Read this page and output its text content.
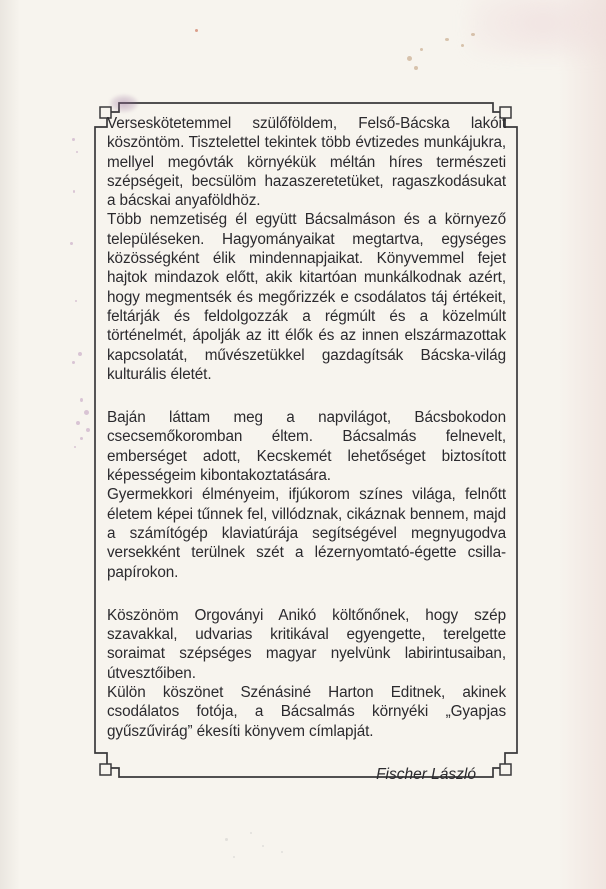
Verseskötetemmel szülőföldem, Felső-Bácska lakóit köszöntöm. Tisztelettel tekintek több évtizedes munkájukra, mellyel megóvták környékük méltán híres természeti szépségeit, becsülöm hazaszeretetüket, ragaszkodásukat a bácskai anyaföldhöz.

Több nemzetiség él együtt Bácsalmáson és a környező településeken. Hagyományaikat megtartva, egységes közösségként élik mindennapjaikat. Könyvemmel fejet hajtok mindazok előtt, akik kitartóan munkálkodnak azért, hogy megmentsék és megőrizzék e csodálatos táj értékeit, feltárják és feldolgozzák a régmúlt és a közelmúlt történelmét, ápolják az itt élők és az innen elszármazottak kapcsolatát, művészetükkel gazdagítsák Bácska-világ kulturális életét.

Baján láttam meg a napvilágot, Bácsbokodon csecsemőkoromban éltem. Bácsalmás felnevelt, emberséget adott, Kecskemét lehetőséget biztosított képességeim kibontakoztatására.

Gyermekkori élményeim, ifjúkorom színes világa, felnőtt életem képei tűnnek fel, villódznak, cikáznak bennem, majd a számítógép klaviatúrája segítségével megnyugodva versekként terülnek szét a lézernyomtató-égette csilla-papírokon.

Köszönöm Orgoványi Anikó költőnőnek, hogy szép szavakkal, udvarias kritikával egyengette, terelgette soraimat szépséges magyar nyelvünk labirintusaiban, útvesztőiben.

Külön köszönet Szénásiné Harton Editnek, akinek csodálatos fotója, a Bácsalmás környéki „Gyapjas gyűszűvirág” ékesíti könyvem címlapját.

Fischer László
